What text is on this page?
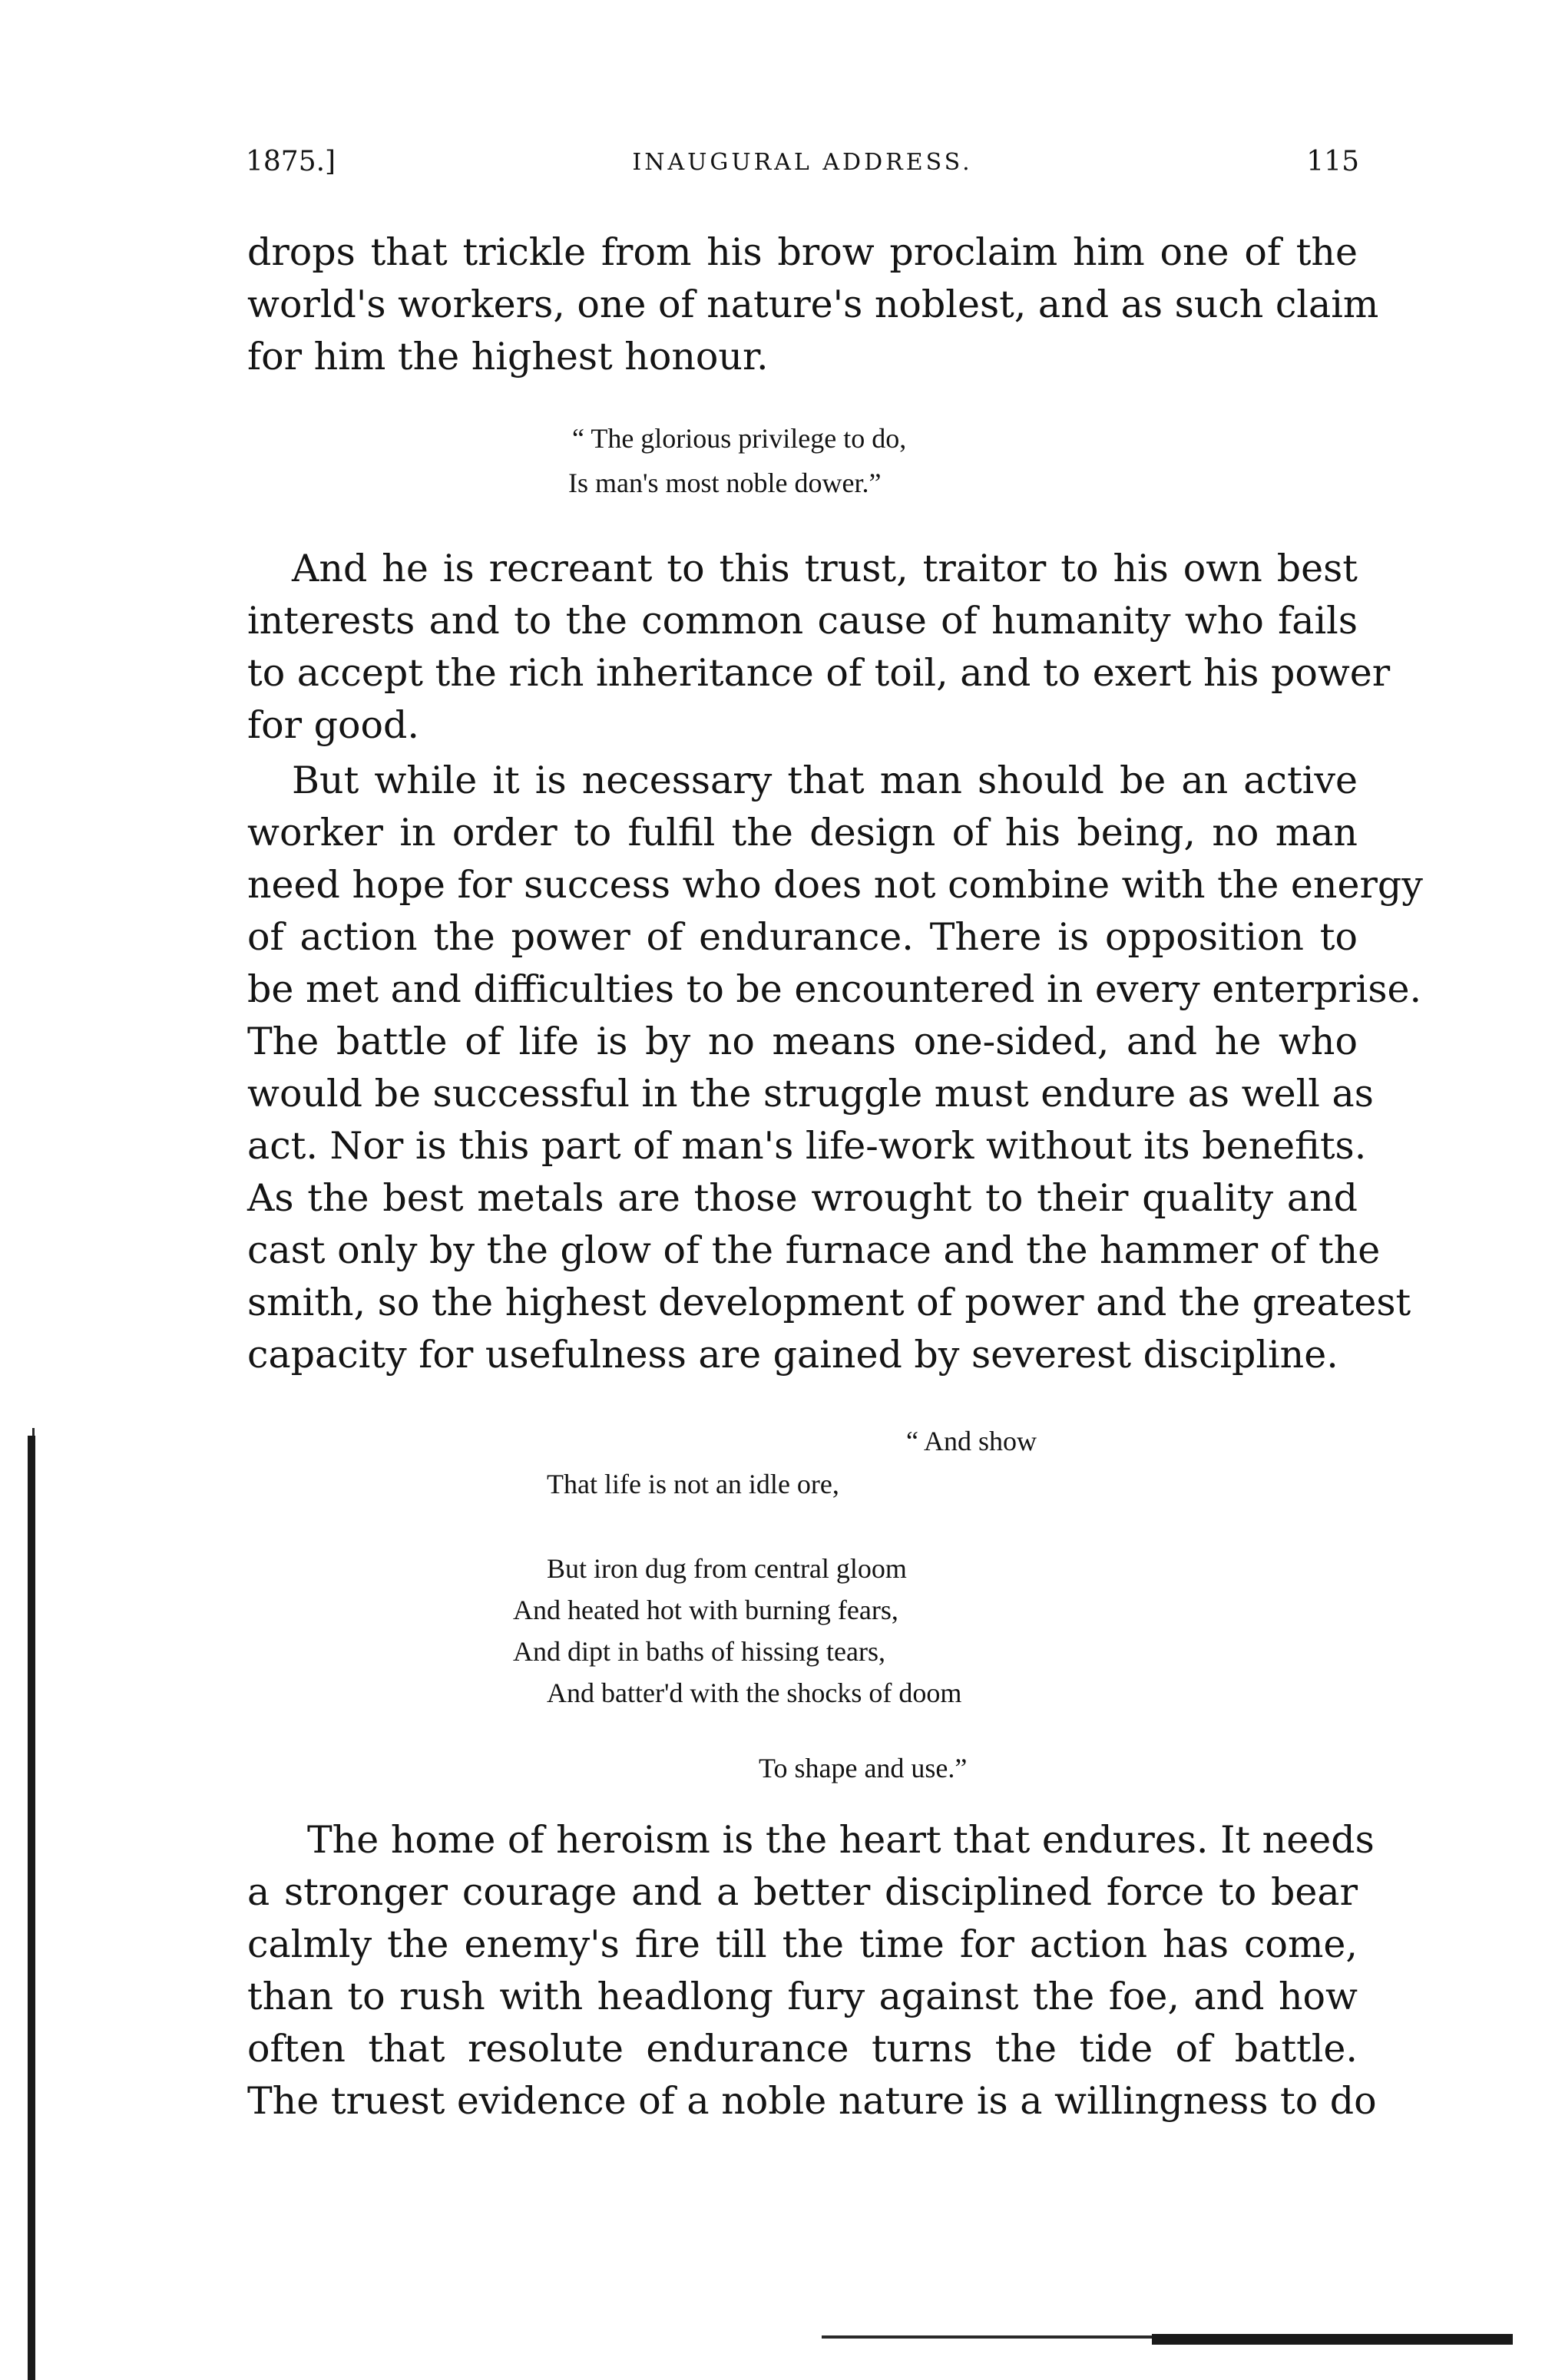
1875.]	INAUGURAL ADDRESS.	115
drops that trickle from his brow proclaim him one of the
world's workers, one of nature's noblest, and as such claim
for him the highest honour.
“ The glorious privilege to do,
Is man's most noble dower.”
And he is recreant to this trust, traitor to his own best
interests and to the common cause of humanity who fails
to accept the rich inheritance of toil, and to exert his power
for good.
But while it is necessary that man should be an active
worker in order to fulfil the design of his being, no man
need hope for success who does not combine with the energy
of action the power of endurance. There is opposition to
be met and difficulties to be encountered in every enterprise.
The battle of life is by no means one-sided, and he who
would be successful in the struggle must endure as well as
act. Nor is this part of man's life-work without its benefits.
As the best metals are those wrought to their quality and
cast only by the glow of the furnace and the hammer of the
smith, so the highest development of power and the greatest
capacity for usefulness are gained by severest discipline.
“ And show
That life is not an idle ore,
But iron dug from central gloom
And heated hot with burning fears,
And dipt in baths of hissing tears,
And batter'd with the shocks of doom
To shape and use.”
The home of heroism is the heart that endures. It needs
a stronger courage and a better disciplined force to bear
calmly the enemy's fire till the time for action has come,
than to rush with headlong fury against the foe, and how
often that resolute endurance turns the tide of battle.
The truest evidence of a noble nature is a willingness to do
